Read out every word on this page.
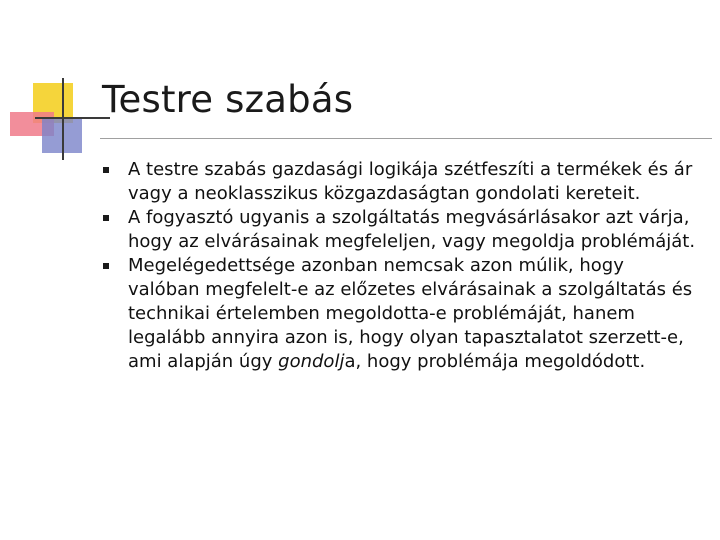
Testre szabás
A testre szabás gazdasági logikája szétfeszíti a termékek és ár vagy a neoklasszikus közgazdaságtan gondolati kereteit.
A fogyasztó ugyanis a szolgáltatás megvásárlásakor azt várja, hogy az elvárásainak megfeleljen, vagy megoldja problémáját.
Megelégedettsége azonban nemcsak azon múlik, hogy valóban megfelelt-e az előzetes elvárásainak a szolgáltatás és technikai értelemben megoldotta-e problémáját, hanem legalább annyira azon is, hogy olyan tapasztalatot szerzett-e, ami alapján úgy gondolja, hogy problémája megoldódott.
